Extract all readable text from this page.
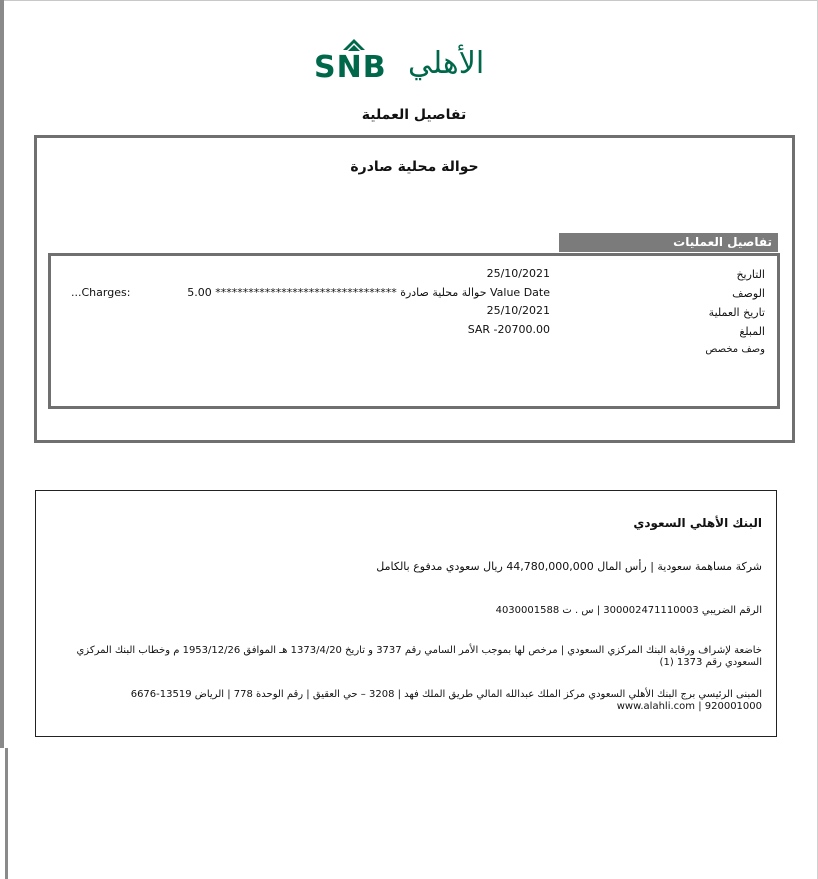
SNB الأهلي
تفاصيل العملية
حوالة محلية صادرة
تفاصيل العمليات
التاريخ
25/10/2021
الوصف
حوالة محلية صادرة ********************************* 5.00 Value Date
...Charges:
تاريخ العملية
25/10/2021
المبلغ
SAR -20700.00
وصف مخصص
البنك الأهلي السعودي
شركة مساهمة سعودية | رأس المال 44,780,000,000 ريال سعودي مدفوع بالكامل
الرقم الضريبي 300002471110003 | س . ت 4030001588
خاضعة لإشراف ورقابة البنك المركزي السعودي | مرخص لها بموجب الأمر السامي رقم 3737 و تاريخ 1373/4/20 هـ الموافق 1953/12/26 م وخطاب البنك المركزي السعودي رقم 1373 (1)
المبنى الرئيسي برج البنك الأهلي السعودي مركز الملك عبدالله المالي طريق الملك فهد | 3208 – حي العقيق | رقم الوحدة 778 | الرياض 13519-6676
www.alahli.com | 920001000
